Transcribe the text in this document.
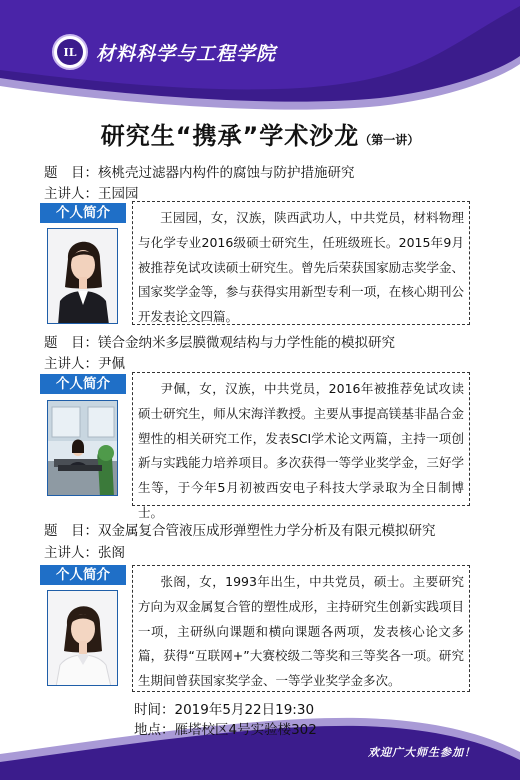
IL	材料科学与工程学院
研究生“携承”学术沙龙（第一讲）
题　目：核桃壳过滤器内构件的腐蚀与防护措施研究
主讲人：王园园
个人简介	王园园，女，汉族，陕西武功人，中共党员，材料物理与化学专业2016级硕士研究生，任班级班长。2015年9月被推荐免试攻读硕士研究生。曾先后荣获国家励志奖学金、国家奖学金等，参与获得实用新型专利一项，在核心期刊公开发表论文四篇。
题　目：镁合金纳米多层膜微观结构与力学性能的模拟研究
主讲人：尹佩
个人简介	尹佩，女，汉族，中共党员，2016年被推荐免试攻读硕士研究生，师从宋海洋教授。主要从事提高镁基非晶合金塑性的相关研究工作，发表SCI学术论文两篇，主持一项创新与实践能力培养项目。多次获得一等学业奖学金，三好学生等，于今年5月初被西安电子科技大学录取为全日制博士。
题　目：双金属复合管液压成形弹塑性力学分析及有限元模拟研究
主讲人：张阁
个人简介	张阁，女，1993年出生，中共党员，硕士。主要研究方向为双金属复合管的塑性成形，主持研究生创新实践项目一项，主研纵向课题和横向课题各两项，发表核心论文多篇，获得“互联网+”大赛校级二等奖和三等奖各一项。研究生期间曾获国家奖学金、一等学业奖学金多次。
时间：2019年5月22日19:30
地点：雁塔校区4号实验楼302
欢迎广大师生参加！
